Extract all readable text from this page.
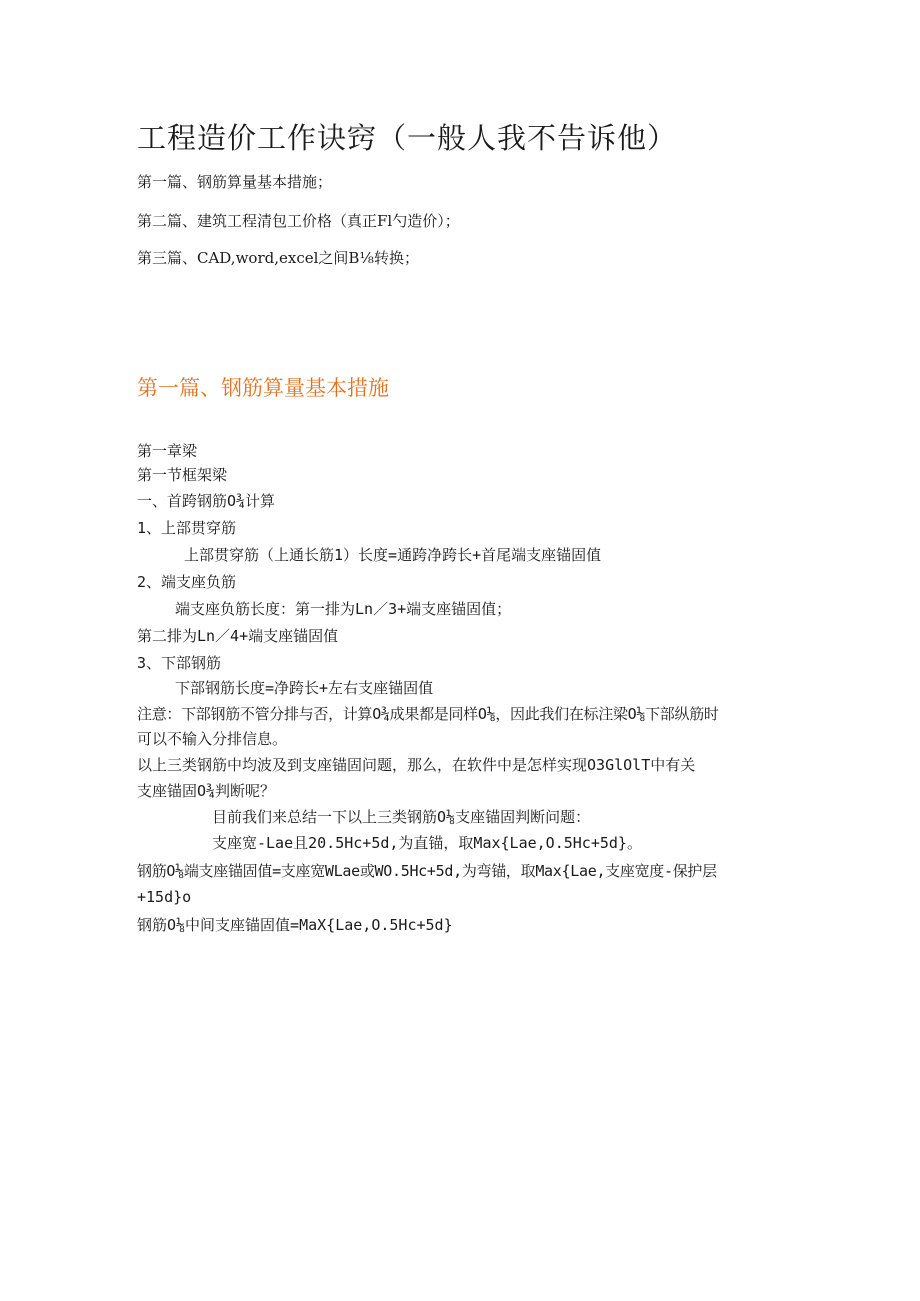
工程造价工作诀窍（一般人我不告诉他）
第一篇、钢筋算量基本措施；
第二篇、建筑工程清包工价格（真正Fl勺造价）；
第三篇、CAD,word,excel之间B⅛转换；
第一篇、钢筋算量基本措施
第一章梁
第一节框架梁
一、首跨钢筋O¾计算
1、上部贯穿筋
上部贯穿筋（上通长筋1）长度=通跨净跨长+首尾端支座锚固值
2、端支座负筋
端支座负筋长度：第一排为Ln／3+端支座锚固值；
第二排为Ln／4+端支座锚固值
3、下部钢筋
下部钢筋长度=净跨长+左右支座锚固值
注意：下部钢筋不管分排与否，计算O¾成果都是同样O⅛，因此我们在标注梁O⅛下部纵筋时
可以不输入分排信息。
以上三类钢筋中均波及到支座锚固问题，那么，在软件中是怎样实现O3GlOlT中有关
支座锚固O¾判断呢？
目前我们来总结一下以上三类钢筋O⅛支座锚固判断问题：
支座宽-Lae且20.5Hc+5d,为直锚，取Max{Lae,O.5Hc+5d}。
钢筋O⅛端支座锚固值=支座宽WLae或WO.5Hc+5d,为弯锚，取Max{Lae,支座宽度-保护层
+15d}o
钢筋O⅛中间支座锚固值=MaX{Lae,O.5Hc+5d}
